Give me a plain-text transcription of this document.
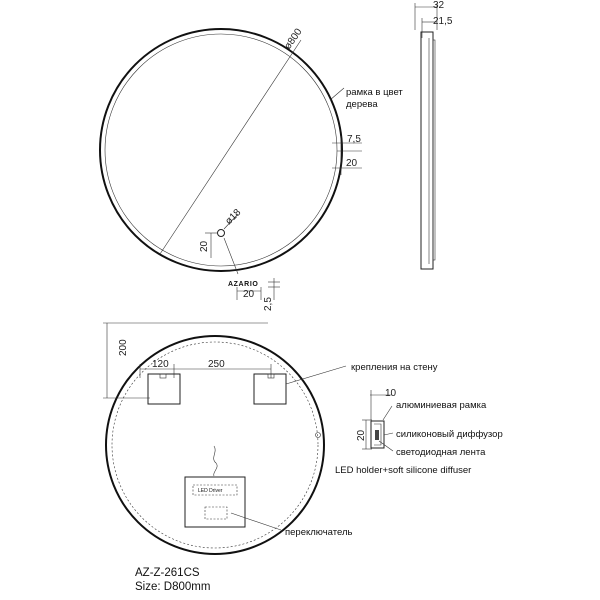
ø800
рамка в цвет
дерева
7,5
20
ø18
20
AZARIO
20
2,5
32
21,5
200
120	250	крепления на стену
LED Driver
переключатель
10
20
алюминиевая рамка
силиконовый диффузор
светодиодная лента
LED holder+soft silicone diffuser
AZ-Z-261CS
Size: D800mm
